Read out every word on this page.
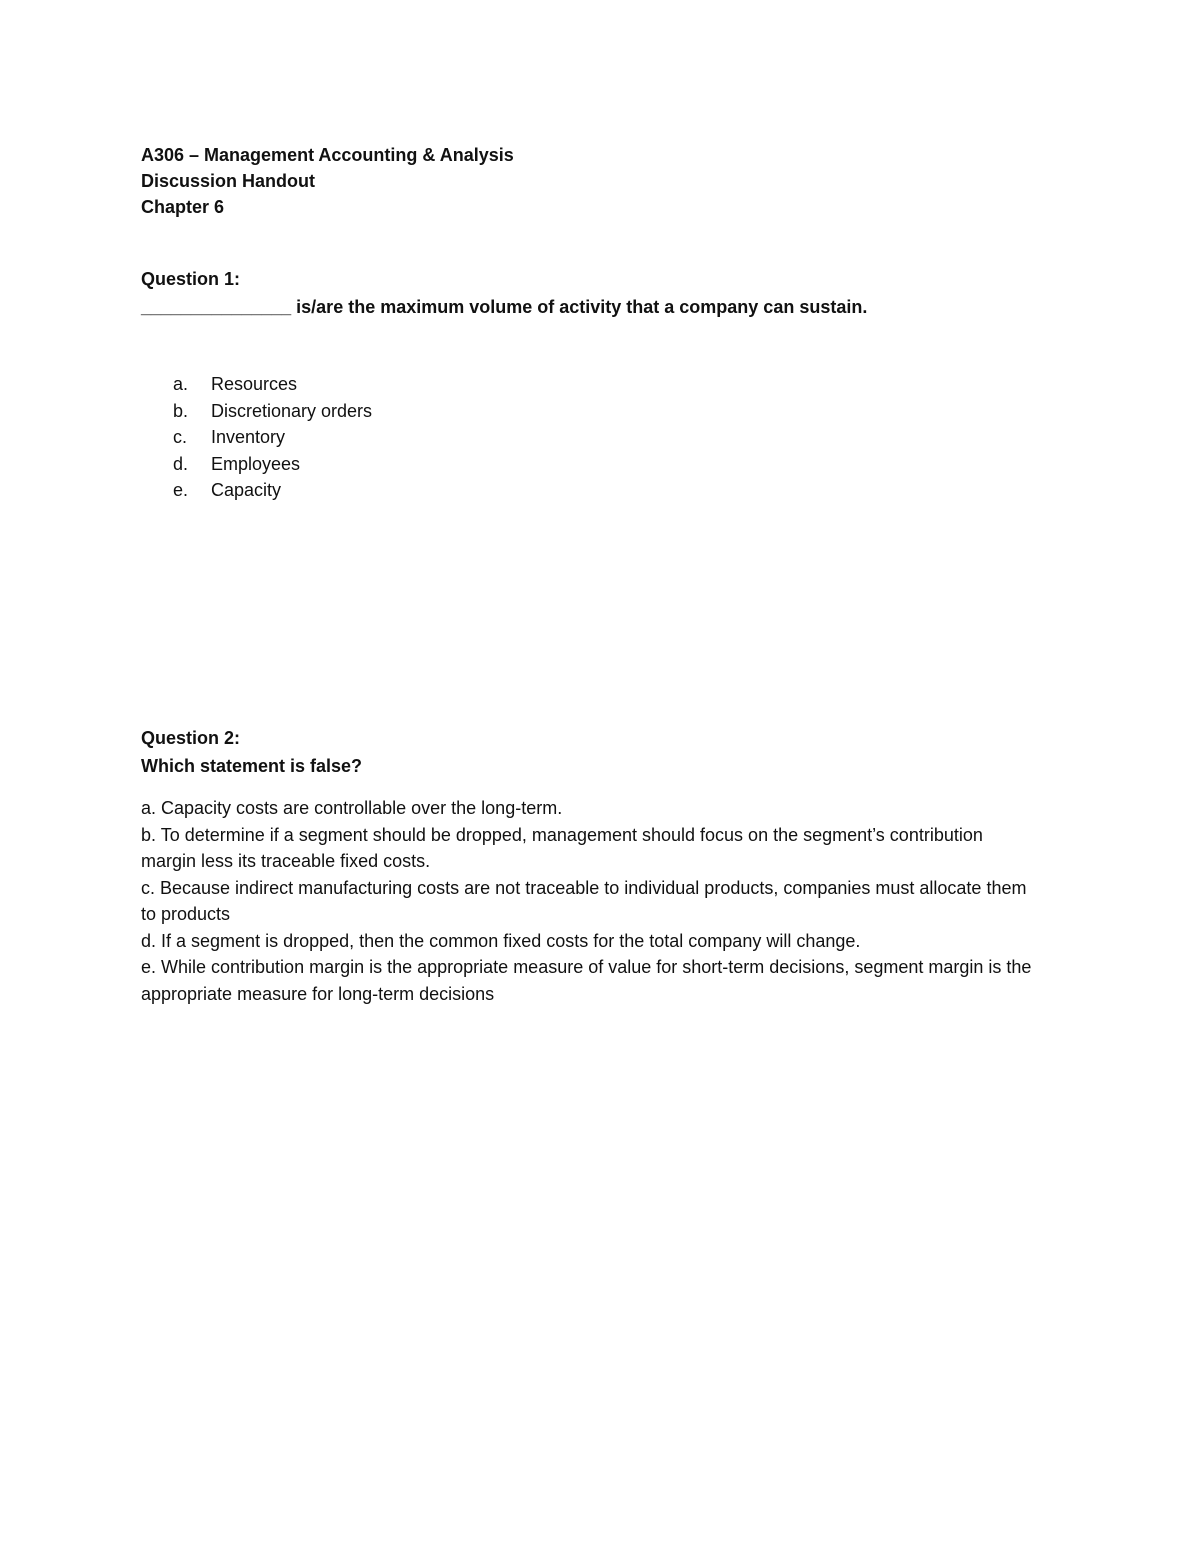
A306 – Management Accounting & Analysis
Discussion Handout
Chapter 6
Question 1:
_______________ is/are the maximum volume of activity that a company can sustain.
a.	Resources
b.	Discretionary orders
c.	Inventory
d.	Employees
e.	Capacity
Question 2:
Which statement is false?

a. Capacity costs are controllable over the long-term.

b. To determine if a segment should be dropped, management should focus on the segment’s contribution margin less its traceable fixed costs.

c. Because indirect manufacturing costs are not traceable to individual products, companies must allocate them to products

d. If a segment is dropped, then the common fixed costs for the total company will change.

e. While contribution margin is the appropriate measure of value for short-term decisions, segment margin is the appropriate measure for long-term decisions
